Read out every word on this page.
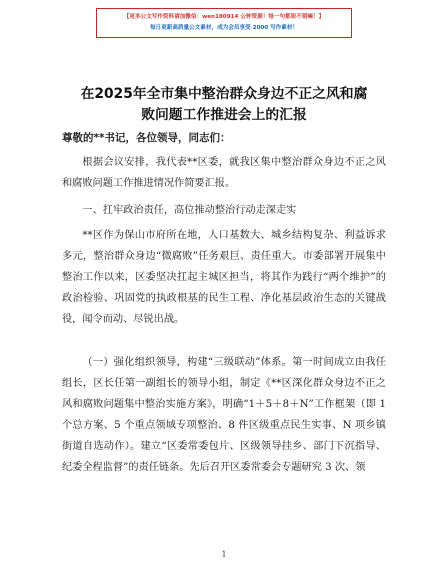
【更多公文写作资料请加微信：wen180914 公钟资源！每一句都原不错嘛！】
每日更新高质量公文素材，成为会员享受 2000 写作素材！
在2025年全市集中整治群众身边不正之风和腐
败问题工作推进会上的汇报
尊敬的**书记，各位领导，同志们：

根据会议安排，我代表**区委，就我区集中整治群众身边不正之风和腐败问题工作推进情况作简要汇报。

一、扛牢政治责任，高位推动整治行动走深走实

**区作为保山市府所在地，人口基数大、城乡结构复杂、利益诉求多元，整治群众身边“微腐败”任务艰巨、责任重大。市委部署开展集中整治工作以来，区委坚决扛起主城区担当，将其作为践行“两个维护”的政治检验、巩固党的执政根基的民生工程、净化基层政治生态的关键战役，闻令而动、尽锐出战。

（一）强化组织领导，构建“三级联动”体系。第一时间成立由我任组长，区长任第一副组长的领导小组，制定《**区深化群众身边不正之风和腐败问题集中整治实施方案》，明确“1＋5＋8＋N”工作框架（即 1 个总方案、5 个重点领域专项整治、8 件区级重点民生实事、N 项乡镇街道自选动作）。建立“区委常委包片、区级领导挂乡、部门下沉指导、纪委全程监督”的责任链条。先后召开区委常委会专题研究 3 次、领

1
